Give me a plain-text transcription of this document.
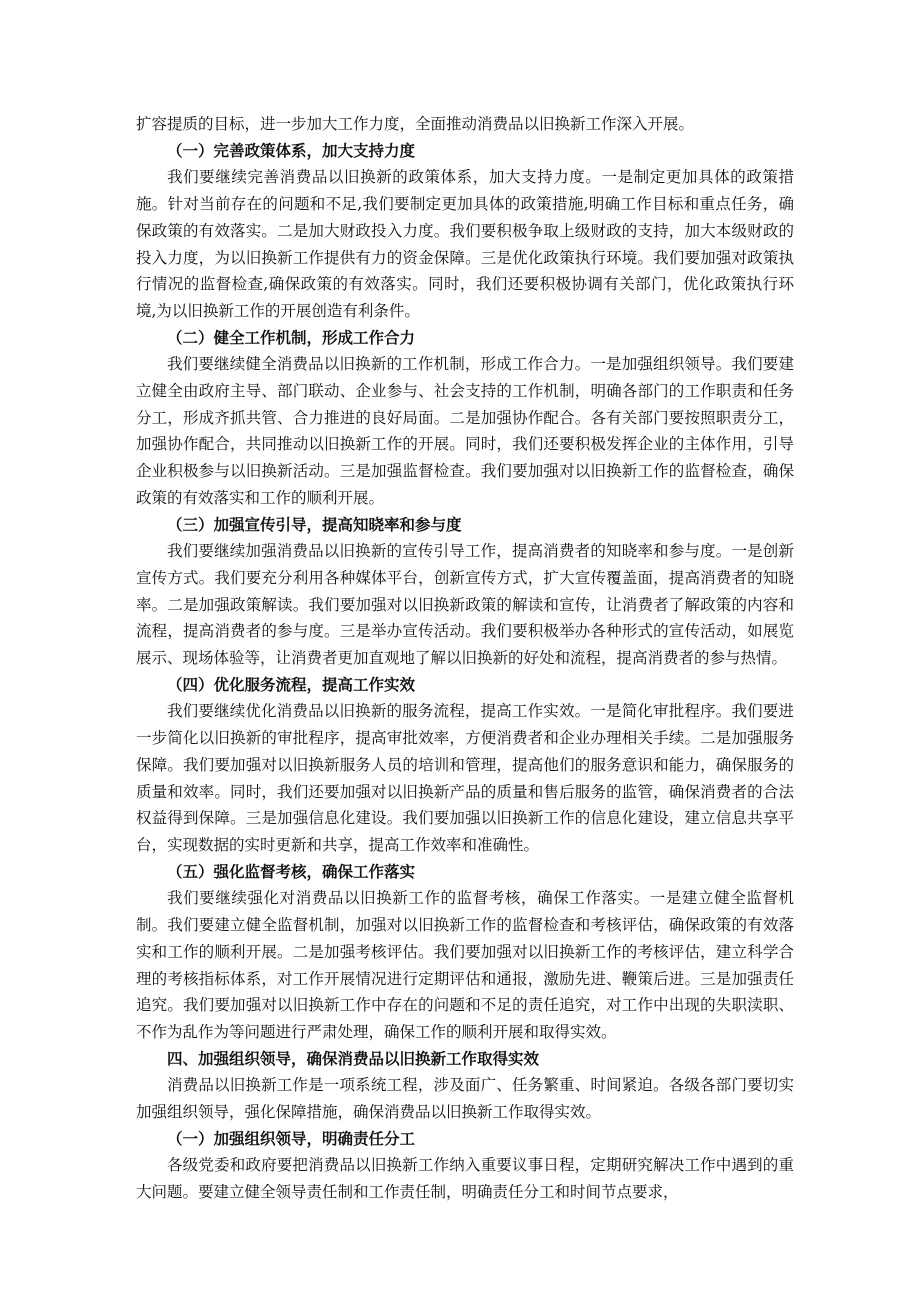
扩容提质的目标，进一步加大工作力度，全面推动消费品以旧换新工作深入开展。

（一）完善政策体系，加大支持力度

我们要继续完善消费品以旧换新的政策体系，加大支持力度。一是制定更加具体的政策措施。针对当前存在的问题和不足,我们要制定更加具体的政策措施,明确工作目标和重点任务，确保政策的有效落实。二是加大财政投入力度。我们要积极争取上级财政的支持，加大本级财政的投入力度，为以旧换新工作提供有力的资金保障。三是优化政策执行环境。我们要加强对政策执行情况的监督检查,确保政策的有效落实。同时，我们还要积极协调有关部门，优化政策执行环境,为以旧换新工作的开展创造有利条件。

（二）健全工作机制，形成工作合力

我们要继续健全消费品以旧换新的工作机制，形成工作合力。一是加强组织领导。我们要建立健全由政府主导、部门联动、企业参与、社会支持的工作机制，明确各部门的工作职责和任务分工，形成齐抓共管、合力推进的良好局面。二是加强协作配合。各有关部门要按照职责分工，加强协作配合，共同推动以旧换新工作的开展。同时，我们还要积极发挥企业的主体作用，引导企业积极参与以旧换新活动。三是加强监督检查。我们要加强对以旧换新工作的监督检查，确保政策的有效落实和工作的顺利开展。

（三）加强宣传引导，提高知晓率和参与度

我们要继续加强消费品以旧换新的宣传引导工作，提高消费者的知晓率和参与度。一是创新宣传方式。我们要充分利用各种媒体平台，创新宣传方式，扩大宣传覆盖面，提高消费者的知晓率。二是加强政策解读。我们要加强对以旧换新政策的解读和宣传，让消费者了解政策的内容和流程，提高消费者的参与度。三是举办宣传活动。我们要积极举办各种形式的宣传活动，如展览展示、现场体验等，让消费者更加直观地了解以旧换新的好处和流程，提高消费者的参与热情。

（四）优化服务流程，提高工作实效

我们要继续优化消费品以旧换新的服务流程，提高工作实效。一是简化审批程序。我们要进一步简化以旧换新的审批程序，提高审批效率，方便消费者和企业办理相关手续。二是加强服务保障。我们要加强对以旧换新服务人员的培训和管理，提高他们的服务意识和能力，确保服务的质量和效率。同时，我们还要加强对以旧换新产品的质量和售后服务的监管，确保消费者的合法权益得到保障。三是加强信息化建设。我们要加强以旧换新工作的信息化建设，建立信息共享平台，实现数据的实时更新和共享，提高工作效率和准确性。

（五）强化监督考核，确保工作落实

我们要继续强化对消费品以旧换新工作的监督考核，确保工作落实。一是建立健全监督机制。我们要建立健全监督机制，加强对以旧换新工作的监督检查和考核评估，确保政策的有效落实和工作的顺利开展。二是加强考核评估。我们要加强对以旧换新工作的考核评估，建立科学合理的考核指标体系，对工作开展情况进行定期评估和通报，激励先进、鞭策后进。三是加强责任追究。我们要加强对以旧换新工作中存在的问题和不足的责任追究，对工作中出现的失职渎职、不作为乱作为等问题进行严肃处理，确保工作的顺利开展和取得实效。

四、加强组织领导，确保消费品以旧换新工作取得实效

消费品以旧换新工作是一项系统工程，涉及面广、任务繁重、时间紧迫。各级各部门要切实加强组织领导，强化保障措施，确保消费品以旧换新工作取得实效。

（一）加强组织领导，明确责任分工

各级党委和政府要把消费品以旧换新工作纳入重要议事日程，定期研究解决工作中遇到的重大问题。要建立健全领导责任制和工作责任制，明确责任分工和时间节点要求，
